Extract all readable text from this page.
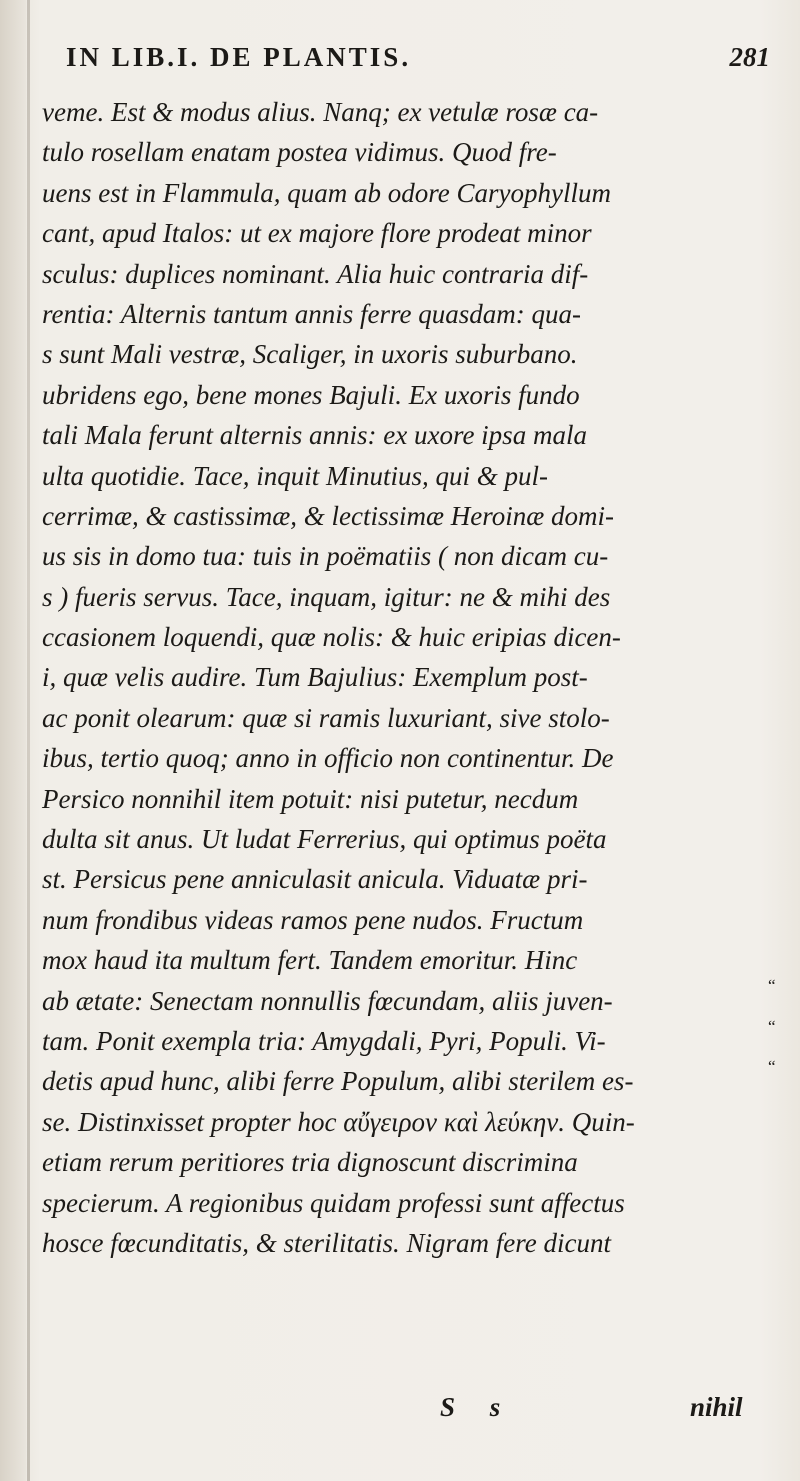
IN LIB.I. DE PLANTIS.	281
veme. Est & modus alius. Nanq; ex vetulæ rosæ ca-
tulo rosellam enatam postea vidimus. Quod fre-
uens est in Flammula, quam ab odore Caryophyllum
cant, apud Italos: ut ex majore flore prodeat minor
sculus: duplices nominant. Alia huic contraria dif-
rentia: Alternis tantum annis ferre quasdam: qua-
s sunt Mali vestræ, Scaliger, in uxoris suburbano.
ubridens ego, bene mones Bajuli. Ex uxoris fundo
tali Mala ferunt alternis annis: ex uxore ipsa mala
ulta quotidie. Tace, inquit Minutius, qui & pul-
cerrimæ, & castissimæ, & lectissimæ Heroinæ domi-
us sis in domo tua: tuis in poëmatiis ( non dicam cu-
s ) fueris servus. Tace, inquam, igitur: ne & mihi des
ccasionem loquendi, quæ nolis: & huic eripias dicen-
i, quæ velis audire. Tum Bajulius: Exemplum post-
ac ponit olearum: quæ si ramis luxuriant, sive stolo-
ibus, tertio quoq; anno in officio non continentur. De
Persico nonnihil item potuit: nisi putetur, necdum
dulta sit anus. Ut ludat Ferrerius, qui optimus poëta
st. Persicus pene anniculasit anicula. Viduatæ pri-
num frondibus videas ramos pene nudos. Fructum
mox haud ita multum fert. Tandem emoritur. Hinc
ab ætate: Senectam nonnullis fœcundam, aliis juven-
tam. Ponit exempla tria: Amygdali, Pyri, Populi. Vi-
detis apud hunc, alibi ferre Populum, alibi sterilem es-
se. Distinxisset propter hoc αὔγειρον καὶ λεύκην. Quin-
etiam rerum peritiores tria dignoscunt discrimina
specierum. A regionibus quidam professi sunt affectus
hosce fœcunditatis, & sterilitatis. Nigram fere dicunt
“
“
“
S s	nihil
